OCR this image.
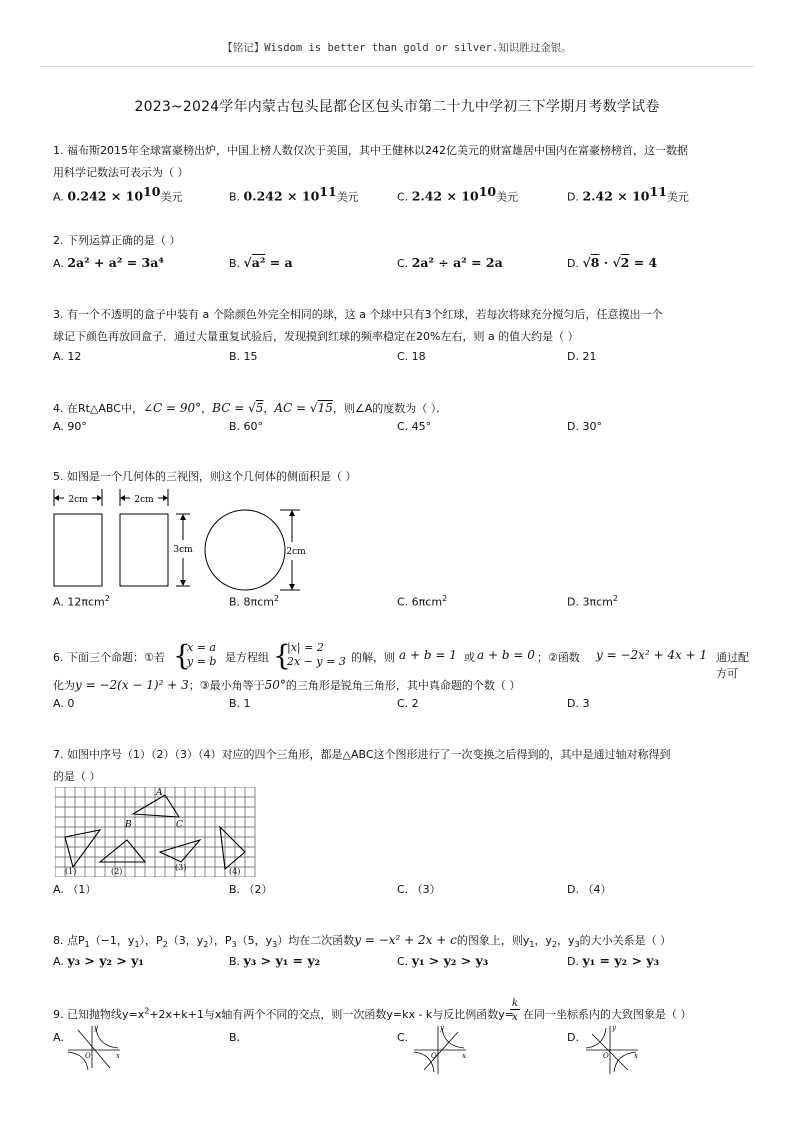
【铭记】Wisdom is better than gold or silver.知识胜过金银。
2023~2024学年内蒙古包头昆都仑区包头市第二十九中学初三下学期月考数学试卷
1. 福布斯2015年全球富豪榜出炉，中国上榜人数仅次于美国，其中王健林以242亿美元的财富雄居中国内在富豪榜榜首，这一数据
用科学记数法可表示为（ ）
A. $0.242 \times 10^{10}$美元	B. $0.242 \times 10^{11}$美元	C. $2.42 \times 10^{10}$美元	D. $2.42 \times 10^{11}$美元
2. 下列运算正确的是（ ）
A. 2a² + a² = 3a⁴	B. √a² = a	C. 2a² ÷ a² = 2a	D. √8 · √2 = 4
3. 有一个不透明的盒子中装有 a 个除颜色外完全相同的球，这 a 个球中只有3个红球，若每次将球充分搅匀后，任意摸出一个
球记下颜色再放回盒子．通过大量重复试验后，发现摸到红球的频率稳定在20%左右，则 a 的值大约是（ ）
A. 12	B. 15	C. 18	D. 21
4. 在Rt△ABC中，∠C = 90°，BC = √5，AC = √15，则∠A的度数为（ ）．
A. 90°	B. 60°	C. 45°	D. 30°
5. 如图是一个几何体的三视图，则这个几何体的侧面积是（ ）
2cm	2cm
3cm	2cm
A. 12πcm$^2$	B. 8πcm$^2$	C. 6πcm$^2$	D. 3πcm$^2$
6. 下面三个命题：①若 {
x = a
y = b 是方程组 {
|x| = 2
2x − y = 3 的解，则 a + b = 1 或 a + b = 0 ；②函数 y = −2x² + 4x + 1 通过配方可
化为y = −2(x − 1)² + 3；③最小角等于50°的三角形是锐角三角形，其中真命题的个数（ ）
A. 0	B. 1	C. 2	D. 3
7. 如图中序号（1）（2）（3）（4）对应的四个三角形，都是△ABC这个图形进行了一次变换之后得到的，其中是通过轴对称得到
的是（ ）
A
B	C
(1)	(2)	(3)	(4)
A. （1）	B. （2）	C. （3）	D. （4）
8. 点$P_1(-1$，$y_1$），$P_2(3$，$y_2$），$P_3(5$，$y_3$）均在二次函数y = −x² + 2x + c的图象上，则$y_1$，$y_2$，$y_3$的大小关系是（ ）
A. y₃ > y₂ > y₁	B. y₃ > y₁ = y₂	C. y₁ > y₂ > y₃	D. y₁ = y₂ > y₃
9. 已知抛物线$y=x^2+2x+k+1$与x轴有两个不同的交点，则一次函数y=kx - k与反比例函数y=
k
x 在同一坐标系内的大致图象是（ ）
A.	B.	C.	D.
x
y
O	x
y
O	x
y
O
